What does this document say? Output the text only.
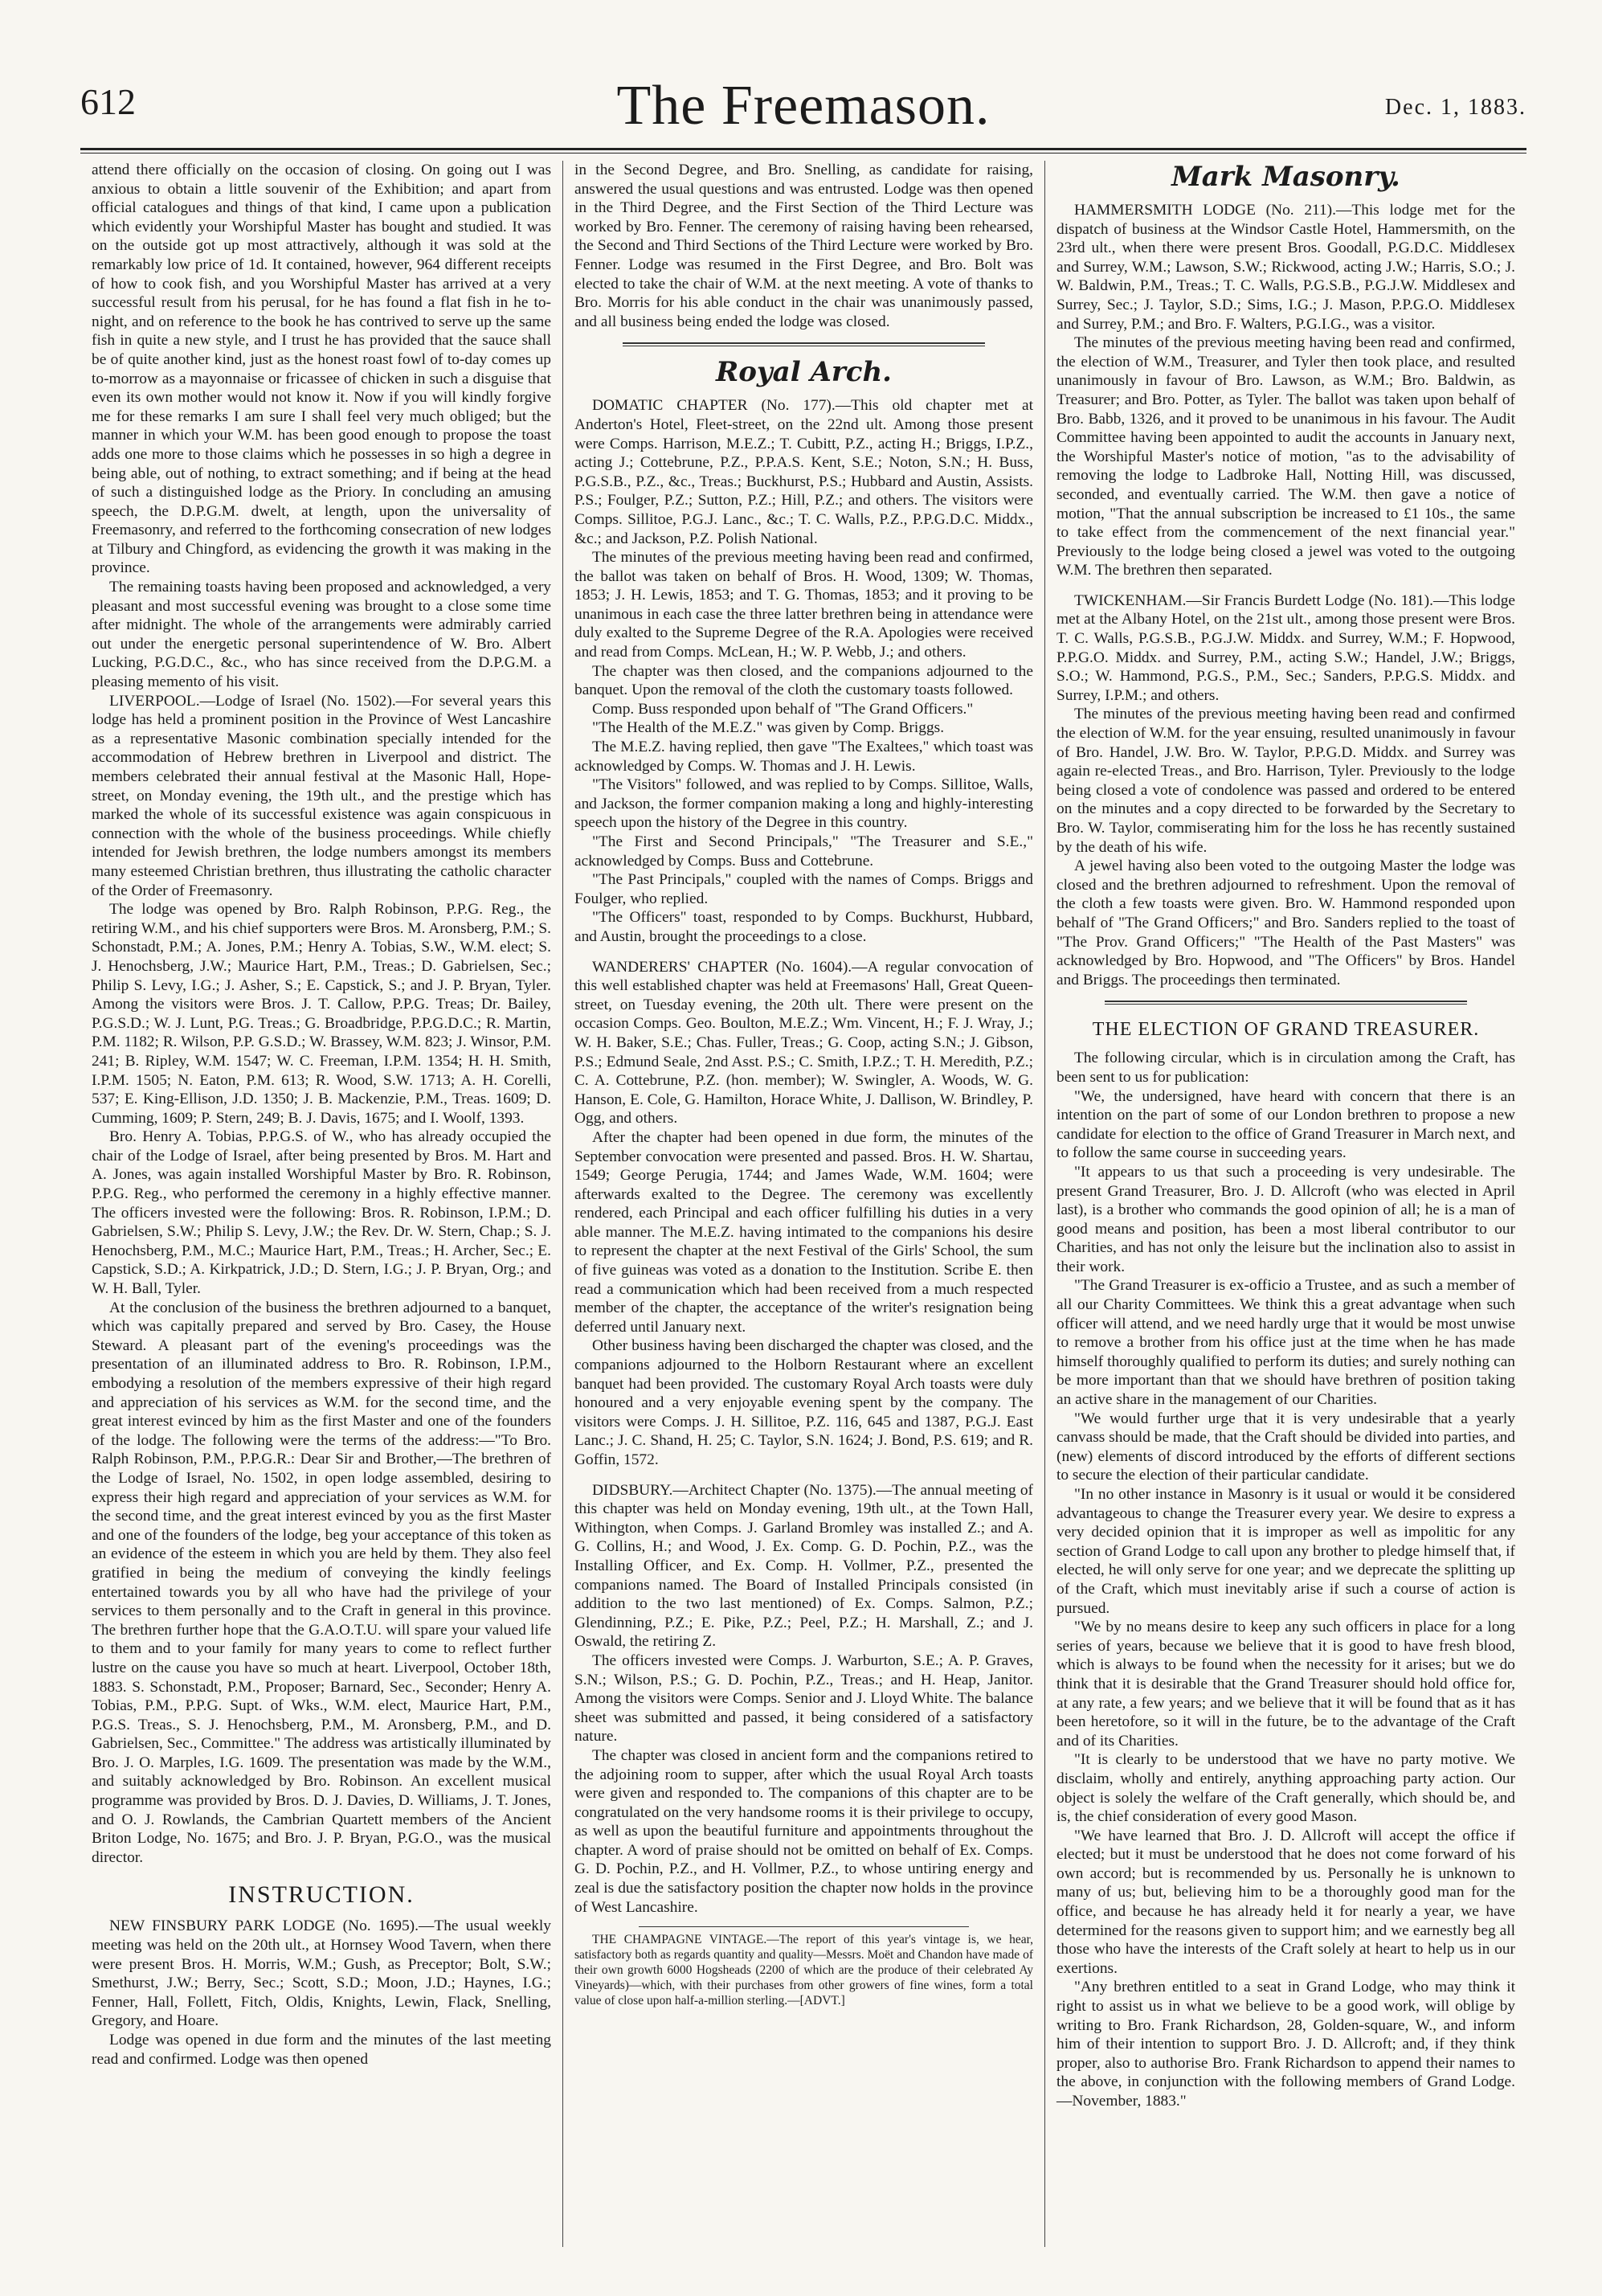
612	The Freemason.	Dec. 1, 1883.

attend there officially on the occasion of closing. On going out I was anxious to obtain a little souvenir of the Exhibition; and apart from official catalogues and things of that kind, I came upon a publication which evidently your Worshipful Master has bought and studied. It was on the outside got up most attractively, although it was sold at the remarkably low price of 1d. It contained, however, 964 different receipts of how to cook fish, and you Worshipful Master has arrived at a very successful result from his perusal, for he has found a flat fish in he to-night, and on reference to the book he has contrived to serve up the same fish in quite a new style, and I trust he has provided that the sauce shall be of quite another kind, just as the honest roast fowl of to-day comes up to-morrow as a mayonnaise or fricassee of chicken in such a disguise that even its own mother would not know it. Now if you will kindly forgive me for these remarks I am sure I shall feel very much obliged; but the manner in which your W.M. has been good enough to propose the toast adds one more to those claims which he possesses in so high a degree in being able, out of nothing, to extract something; and if being at the head of such a distinguished lodge as the Priory. In concluding an amusing speech, the D.P.G.M. dwelt, at length, upon the universality of Freemasonry, and referred to the forthcoming consecration of new lodges at Tilbury and Chingford, as evidencing the growth it was making in the province.

The remaining toasts having been proposed and acknowledged, a very pleasant and most successful evening was brought to a close some time after midnight. The whole of the arrangements were admirably carried out under the energetic personal superintendence of W. Bro. Albert Lucking, P.G.D.C., &c., who has since received from the D.P.G.M. a pleasing memento of his visit.

LIVERPOOL.—Lodge of Israel (No. 1502).—For several years this lodge has held a prominent position in the Province of West Lancashire as a representative Masonic combination specially intended for the accommodation of Hebrew brethren in Liverpool and district. The members celebrated their annual festival at the Masonic Hall, Hope-street, on Monday evening, the 19th ult., and the prestige which has marked the whole of its successful existence was again conspicuous in connection with the whole of the business proceedings. While chiefly intended for Jewish brethren, the lodge numbers amongst its members many esteemed Christian brethren, thus illustrating the catholic character of the Order of Freemasonry.

The lodge was opened by Bro. Ralph Robinson, P.P.G. Reg., the retiring W.M., and his chief supporters were Bros. M. Aronsberg, P.M.; S. Schonstadt, P.M.; A. Jones, P.M.; Henry A. Tobias, S.W., W.M. elect; S. J. Henochsberg, J.W.; Maurice Hart, P.M., Treas.; D. Gabrielsen, Sec.; Philip S. Levy, I.G.; J. Asher, S.; E. Capstick, S.; and J. P. Bryan, Tyler. Among the visitors were Bros. J. T. Callow, P.P.G. Treas; Dr. Bailey, P.G.S.D.; W. J. Lunt, P.G. Treas.; G. Broadbridge, P.P.G.D.C.; R. Martin, P.M. 1182; R. Wilson, P.P. G.S.D.; W. Brassey, W.M. 823; J. Winsor, P.M. 241; B. Ripley, W.M. 1547; W. C. Freeman, I.P.M. 1354; H. H. Smith, I.P.M. 1505; N. Eaton, P.M. 613; R. Wood, S.W. 1713; A. H. Corelli, 537; E. King-Ellison, J.D. 1350; J. B. Mackenzie, P.M., Treas. 1609; D. Cumming, 1609; P. Stern, 249; B. J. Davis, 1675; and I. Woolf, 1393.

Bro. Henry A. Tobias, P.P.G.S. of W., who has already occupied the chair of the Lodge of Israel, after being presented by Bros. M. Hart and A. Jones, was again installed Worshipful Master by Bro. R. Robinson, P.P.G. Reg., who performed the ceremony in a highly effective manner. The officers invested were the following: Bros. R. Robinson, I.P.M.; D. Gabrielsen, S.W.; Philip S. Levy, J.W.; the Rev. Dr. W. Stern, Chap.; S. J. Henochsberg, P.M., M.C.; Maurice Hart, P.M., Treas.; H. Archer, Sec.; E. Capstick, S.D.; A. Kirkpatrick, J.D.; D. Stern, I.G.; J. P. Bryan, Org.; and W. H. Ball, Tyler.

At the conclusion of the business the brethren adjourned to a banquet, which was capitally prepared and served by Bro. Casey, the House Steward. A pleasant part of the evening's proceedings was the presentation of an illuminated address to Bro. R. Robinson, I.P.M., embodying a resolution of the members expressive of their high regard and appreciation of his services as W.M. for the second time, and the great interest evinced by him as the first Master and one of the founders of the lodge. The following were the terms of the address:—"To Bro. Ralph Robinson, P.M., P.P.G.R.: Dear Sir and Brother,—The brethren of the Lodge of Israel, No. 1502, in open lodge assembled, desiring to express their high regard and appreciation of your services as W.M. for the second time, and the great interest evinced by you as the first Master and one of the founders of the lodge, beg your acceptance of this token as an evidence of the esteem in which you are held by them. They also feel gratified in being the medium of conveying the kindly feelings entertained towards you by all who have had the privilege of your services to them personally and to the Craft in general in this province. The brethren further hope that the G.A.O.T.U. will spare your valued life to them and to your family for many years to come to reflect further lustre on the cause you have so much at heart. Liverpool, October 18th, 1883. S. Schonstadt, P.M., Proposer; Barnard, Sec., Seconder; Henry A. Tobias, P.M., P.P.G. Supt. of Wks., W.M. elect, Maurice Hart, P.M., P.G.S. Treas., S. J. Henochsberg, P.M., M. Aronsberg, P.M., and D. Gabrielsen, Sec., Committee." The address was artistically illuminated by Bro. J. O. Marples, I.G. 1609. The presentation was made by the W.M., and suitably acknowledged by Bro. Robinson. An excellent musical programme was provided by Bros. D. J. Davies, D. Williams, J. T. Jones, and O. J. Rowlands, the Cambrian Quartett members of the Ancient Briton Lodge, No. 1675; and Bro. J. P. Bryan, P.G.O., was the musical director.

INSTRUCTION.

NEW FINSBURY PARK LODGE (No. 1695).—The usual weekly meeting was held on the 20th ult., at Hornsey Wood Tavern, when there were present Bros. H. Morris, W.M.; Gush, as Preceptor; Bolt, S.W.; Smethurst, J.W.; Berry, Sec.; Scott, S.D.; Moon, J.D.; Haynes, I.G.; Fenner, Hall, Follett, Fitch, Oldis, Knights, Lewin, Flack, Snelling, Gregory, and Hoare.

Lodge was opened in due form and the minutes of the last meeting read and confirmed. Lodge was then opened

in the Second Degree, and Bro. Snelling, as candidate for raising, answered the usual questions and was entrusted. Lodge was then opened in the Third Degree, and the First Section of the Third Lecture was worked by Bro. Fenner. The ceremony of raising having been rehearsed, the Second and Third Sections of the Third Lecture were worked by Bro. Fenner. Lodge was resumed in the First Degree, and Bro. Bolt was elected to take the chair of W.M. at the next meeting. A vote of thanks to Bro. Morris for his able conduct in the chair was unanimously passed, and all business being ended the lodge was closed.

Royal Arch.

DOMATIC CHAPTER (No. 177).—This old chapter met at Anderton's Hotel, Fleet-street, on the 22nd ult. Among those present were Comps. Harrison, M.E.Z.; T. Cubitt, P.Z., acting H.; Briggs, I.P.Z., acting J.; Cottebrune, P.Z., P.P.A.S. Kent, S.E.; Noton, S.N.; H. Buss, P.G.S.B., P.Z., &c., Treas.; Buckhurst, P.S.; Hubbard and Austin, Assists. P.S.; Foulger, P.Z.; Sutton, P.Z.; Hill, P.Z.; and others. The visitors were Comps. Sillitoe, P.G.J. Lanc., &c.; T. C. Walls, P.Z., P.P.G.D.C. Middx., &c.; and Jackson, P.Z. Polish National.

The minutes of the previous meeting having been read and confirmed, the ballot was taken on behalf of Bros. H. Wood, 1309; W. Thomas, 1853; J. H. Lewis, 1853; and T. G. Thomas, 1853; and it proving to be unanimous in each case the three latter brethren being in attendance were duly exalted to the Supreme Degree of the R.A. Apologies were received and read from Comps. McLean, H.; W. P. Webb, J.; and others.

The chapter was then closed, and the companions adjourned to the banquet. Upon the removal of the cloth the customary toasts followed.

Comp. Buss responded upon behalf of "The Grand Officers."

"The Health of the M.E.Z." was given by Comp. Briggs.

The M.E.Z. having replied, then gave "The Exaltees," which toast was acknowledged by Comps. W. Thomas and J. H. Lewis.

"The Visitors" followed, and was replied to by Comps. Sillitoe, Walls, and Jackson, the former companion making a long and highly-interesting speech upon the history of the Degree in this country.

"The First and Second Principals," "The Treasurer and S.E.," acknowledged by Comps. Buss and Cottebrune.

"The Past Principals," coupled with the names of Comps. Briggs and Foulger, who replied.

"The Officers" toast, responded to by Comps. Buckhurst, Hubbard, and Austin, brought the proceedings to a close.

WANDERERS' CHAPTER (No. 1604).—A regular convocation of this well established chapter was held at Freemasons' Hall, Great Queen-street, on Tuesday evening, the 20th ult. There were present on the occasion Comps. Geo. Boulton, M.E.Z.; Wm. Vincent, H.; F. J. Wray, J.; W. H. Baker, S.E.; Chas. Fuller, Treas.; G. Coop, acting S.N.; J. Gibson, P.S.; Edmund Seale, 2nd Asst. P.S.; C. Smith, I.P.Z.; T. H. Meredith, P.Z.; C. A. Cottebrune, P.Z. (hon. member); W. Swingler, A. Woods, W. G. Hanson, E. Cole, G. Hamilton, Horace White, J. Dallison, W. Brindley, P. Ogg, and others.

After the chapter had been opened in due form, the minutes of the September convocation were presented and passed. Bros. H. W. Shartau, 1549; George Perugia, 1744; and James Wade, W.M. 1604; were afterwards exalted to the Degree. The ceremony was excellently rendered, each Principal and each officer fulfilling his duties in a very able manner. The M.E.Z. having intimated to the companions his desire to represent the chapter at the next Festival of the Girls' School, the sum of five guineas was voted as a donation to the Institution. Scribe E. then read a communication which had been received from a much respected member of the chapter, the acceptance of the writer's resignation being deferred until January next.

Other business having been discharged the chapter was closed, and the companions adjourned to the Holborn Restaurant where an excellent banquet had been provided. The customary Royal Arch toasts were duly honoured and a very enjoyable evening spent by the company. The visitors were Comps. J. H. Sillitoe, P.Z. 116, 645 and 1387, P.G.J. East Lanc.; J. C. Shand, H. 25; C. Taylor, S.N. 1624; J. Bond, P.S. 619; and R. Goffin, 1572.

DIDSBURY.—Architect Chapter (No. 1375).—The annual meeting of this chapter was held on Monday evening, 19th ult., at the Town Hall, Withington, when Comps. J. Garland Bromley was installed Z.; and A. G. Collins, H.; and Wood, J. Ex. Comp. G. D. Pochin, P.Z., was the Installing Officer, and Ex. Comp. H. Vollmer, P.Z., presented the companions named. The Board of Installed Principals consisted (in addition to the two last mentioned) of Ex. Comps. Salmon, P.Z.; Glendinning, P.Z.; E. Pike, P.Z.; Peel, P.Z.; H. Marshall, Z.; and J. Oswald, the retiring Z.

The officers invested were Comps. J. Warburton, S.E.; A. P. Graves, S.N.; Wilson, P.S.; G. D. Pochin, P.Z., Treas.; and H. Heap, Janitor. Among the visitors were Comps. Senior and J. Lloyd White. The balance sheet was submitted and passed, it being considered of a satisfactory nature.

The chapter was closed in ancient form and the companions retired to the adjoining room to supper, after which the usual Royal Arch toasts were given and responded to. The companions of this chapter are to be congratulated on the very handsome rooms it is their privilege to occupy, as well as upon the beautiful furniture and appointments throughout the chapter. A word of praise should not be omitted on behalf of Ex. Comps. G. D. Pochin, P.Z., and H. Vollmer, P.Z., to whose untiring energy and zeal is due the satisfactory position the chapter now holds in the province of West Lancashire.

THE CHAMPAGNE VINTAGE.—The report of this year's vintage is, we hear, satisfactory both as regards quantity and quality—Messrs. Moët and Chandon have made of their own growth 6000 Hogsheads (2200 of which are the produce of their celebrated Ay Vineyards)—which, with their purchases from other growers of fine wines, form a total value of close upon half-a-million sterling.—[ADVT.]

Mark Masonry.

HAMMERSMITH LODGE (No. 211).—This lodge met for the dispatch of business at the Windsor Castle Hotel, Hammersmith, on the 23rd ult., when there were present Bros. Goodall, P.G.D.C. Middlesex and Surrey, W.M.; Lawson, S.W.; Rickwood, acting J.W.; Harris, S.O.; J. W. Baldwin, P.M., Treas.; T. C. Walls, P.G.S.B., P.G.J.W. Middlesex and Surrey, Sec.; J. Taylor, S.D.; Sims, I.G.; J. Mason, P.P.G.O. Middlesex and Surrey, P.M.; and Bro. F. Walters, P.G.I.G., was a visitor.

The minutes of the previous meeting having been read and confirmed, the election of W.M., Treasurer, and Tyler then took place, and resulted unanimously in favour of Bro. Lawson, as W.M.; Bro. Baldwin, as Treasurer; and Bro. Potter, as Tyler. The ballot was taken upon behalf of Bro. Babb, 1326, and it proved to be unanimous in his favour. The Audit Committee having been appointed to audit the accounts in January next, the Worshipful Master's notice of motion, "as to the advisability of removing the lodge to Ladbroke Hall, Notting Hill, was discussed, seconded, and eventually carried. The W.M. then gave a notice of motion, "That the annual subscription be increased to £1 10s., the same to take effect from the commencement of the next financial year." Previously to the lodge being closed a jewel was voted to the outgoing W.M. The brethren then separated.

TWICKENHAM.—Sir Francis Burdett Lodge (No. 181).—This lodge met at the Albany Hotel, on the 21st ult., among those present were Bros. T. C. Walls, P.G.S.B., P.G.J.W. Middx. and Surrey, W.M.; F. Hopwood, P.P.G.O. Middx. and Surrey, P.M., acting S.W.; Handel, J.W.; Briggs, S.O.; W. Hammond, P.G.S., P.M., Sec.; Sanders, P.P.G.S. Middx. and Surrey, I.P.M.; and others.

The minutes of the previous meeting having been read and confirmed the election of W.M. for the year ensuing, resulted unanimously in favour of Bro. Handel, J.W. Bro. W. Taylor, P.P.G.D. Middx. and Surrey was again re-elected Treas., and Bro. Harrison, Tyler. Previously to the lodge being closed a vote of condolence was passed and ordered to be entered on the minutes and a copy directed to be forwarded by the Secretary to Bro. W. Taylor, commiserating him for the loss he has recently sustained by the death of his wife.

A jewel having also been voted to the outgoing Master the lodge was closed and the brethren adjourned to refreshment. Upon the removal of the cloth a few toasts were given. Bro. W. Hammond responded upon behalf of "The Grand Officers;" and Bro. Sanders replied to the toast of "The Prov. Grand Officers;" "The Health of the Past Masters" was acknowledged by Bro. Hopwood, and "The Officers" by Bros. Handel and Briggs. The proceedings then terminated.

THE ELECTION OF GRAND TREASURER.

The following circular, which is in circulation among the Craft, has been sent to us for publication:

"We, the undersigned, have heard with concern that there is an intention on the part of some of our London brethren to propose a new candidate for election to the office of Grand Treasurer in March next, and to follow the same course in succeeding years.

"It appears to us that such a proceeding is very undesirable. The present Grand Treasurer, Bro. J. D. Allcroft (who was elected in April last), is a brother who commands the good opinion of all; he is a man of good means and position, has been a most liberal contributor to our Charities, and has not only the leisure but the inclination also to assist in their work.

"The Grand Treasurer is ex-officio a Trustee, and as such a member of all our Charity Committees. We think this a great advantage when such officer will attend, and we need hardly urge that it would be most unwise to remove a brother from his office just at the time when he has made himself thoroughly qualified to perform its duties; and surely nothing can be more important than that we should have brethren of position taking an active share in the management of our Charities.

"We would further urge that it is very undesirable that a yearly canvass should be made, that the Craft should be divided into parties, and (new) elements of discord introduced by the efforts of different sections to secure the election of their particular candidate.

"In no other instance in Masonry is it usual or would it be considered advantageous to change the Treasurer every year. We desire to express a very decided opinion that it is improper as well as impolitic for any section of Grand Lodge to call upon any brother to pledge himself that, if elected, he will only serve for one year; and we deprecate the splitting up of the Craft, which must inevitably arise if such a course of action is pursued.

"We by no means desire to keep any such officers in place for a long series of years, because we believe that it is good to have fresh blood, which is always to be found when the necessity for it arises; but we do think that it is desirable that the Grand Treasurer should hold office for, at any rate, a few years; and we believe that it will be found that as it has been heretofore, so it will in the future, be to the advantage of the Craft and of its Charities.

"It is clearly to be understood that we have no party motive. We disclaim, wholly and entirely, anything approaching party action. Our object is solely the welfare of the Craft generally, which should be, and is, the chief consideration of every good Mason.

"We have learned that Bro. J. D. Allcroft will accept the office if elected; but it must be understood that he does not come forward of his own accord; but is recommended by us. Personally he is unknown to many of us; but, believing him to be a thoroughly good man for the office, and because he has already held it for nearly a year, we have determined for the reasons given to support him; and we earnestly beg all those who have the interests of the Craft solely at heart to help us in our exertions.

"Any brethren entitled to a seat in Grand Lodge, who may think it right to assist us in what we believe to be a good work, will oblige by writing to Bro. Frank Richardson, 28, Golden-square, W., and inform him of their intention to support Bro. J. D. Allcroft; and, if they think proper, also to authorise Bro. Frank Richardson to append their names to the above, in conjunction with the following members of Grand Lodge.—November, 1883."
